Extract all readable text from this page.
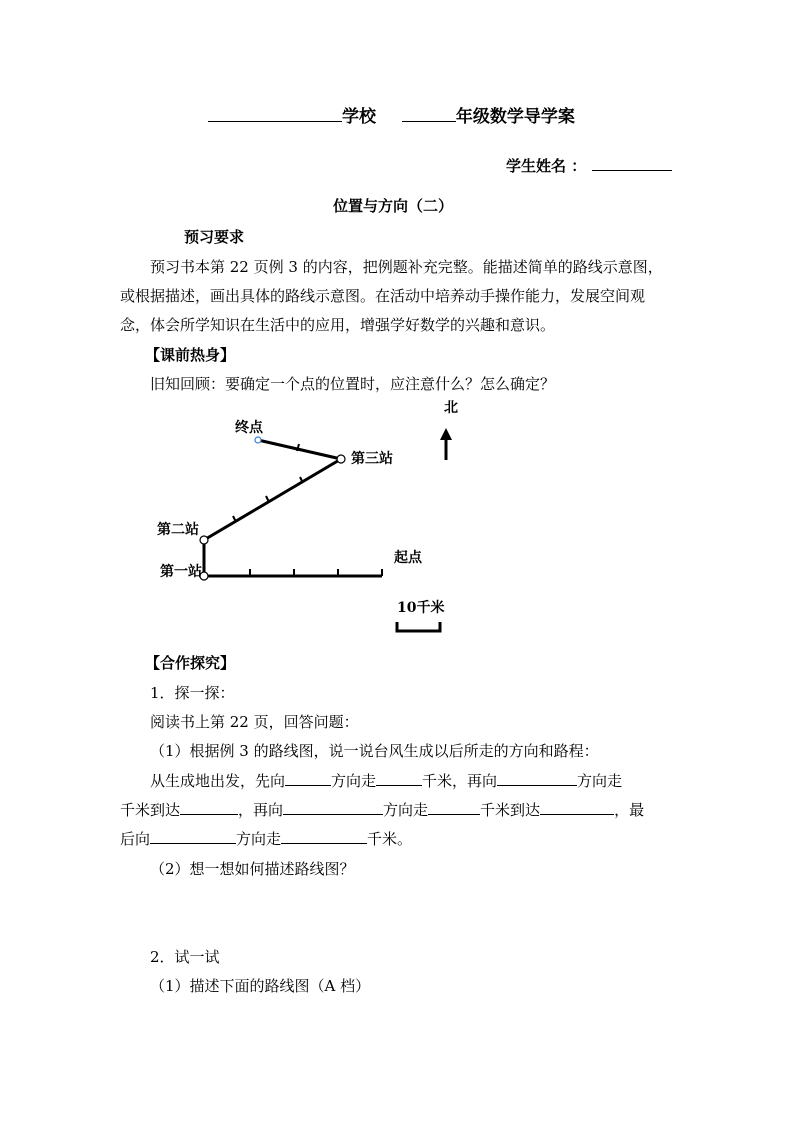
学校	年级数学导学案
学生姓名 ：
位置与方向（二）
预习要求
预习书本第 22 页例 3 的内容，把例题补充完整。能描述简单的路线示意图，
或根据描述，画出具体的路线示意图。在活动中培养动手操作能力，发展空间观
念，体会所学知识在生活中的应用，增强学好数学的兴趣和意识。
【课前热身】
旧知回顾：要确定一个点的位置时，应注意什么？怎么确定？
北
终点
第三站
第二站
第一站
起点
10千米
【合作探究】
1．探一探：
阅读书上第 22 页，回答问题：
（1）根据例 3 的路线图，说一说台风生成以后所走的方向和路程：
从生成地出发，先向	方向走	千米，再向	方向走
千米到达	，再向	方向走	千米到达	，最
后向	方向走	千米。
（2）想一想如何描述路线图？
2．试一试
（1）描述下面的路线图（A 档）
